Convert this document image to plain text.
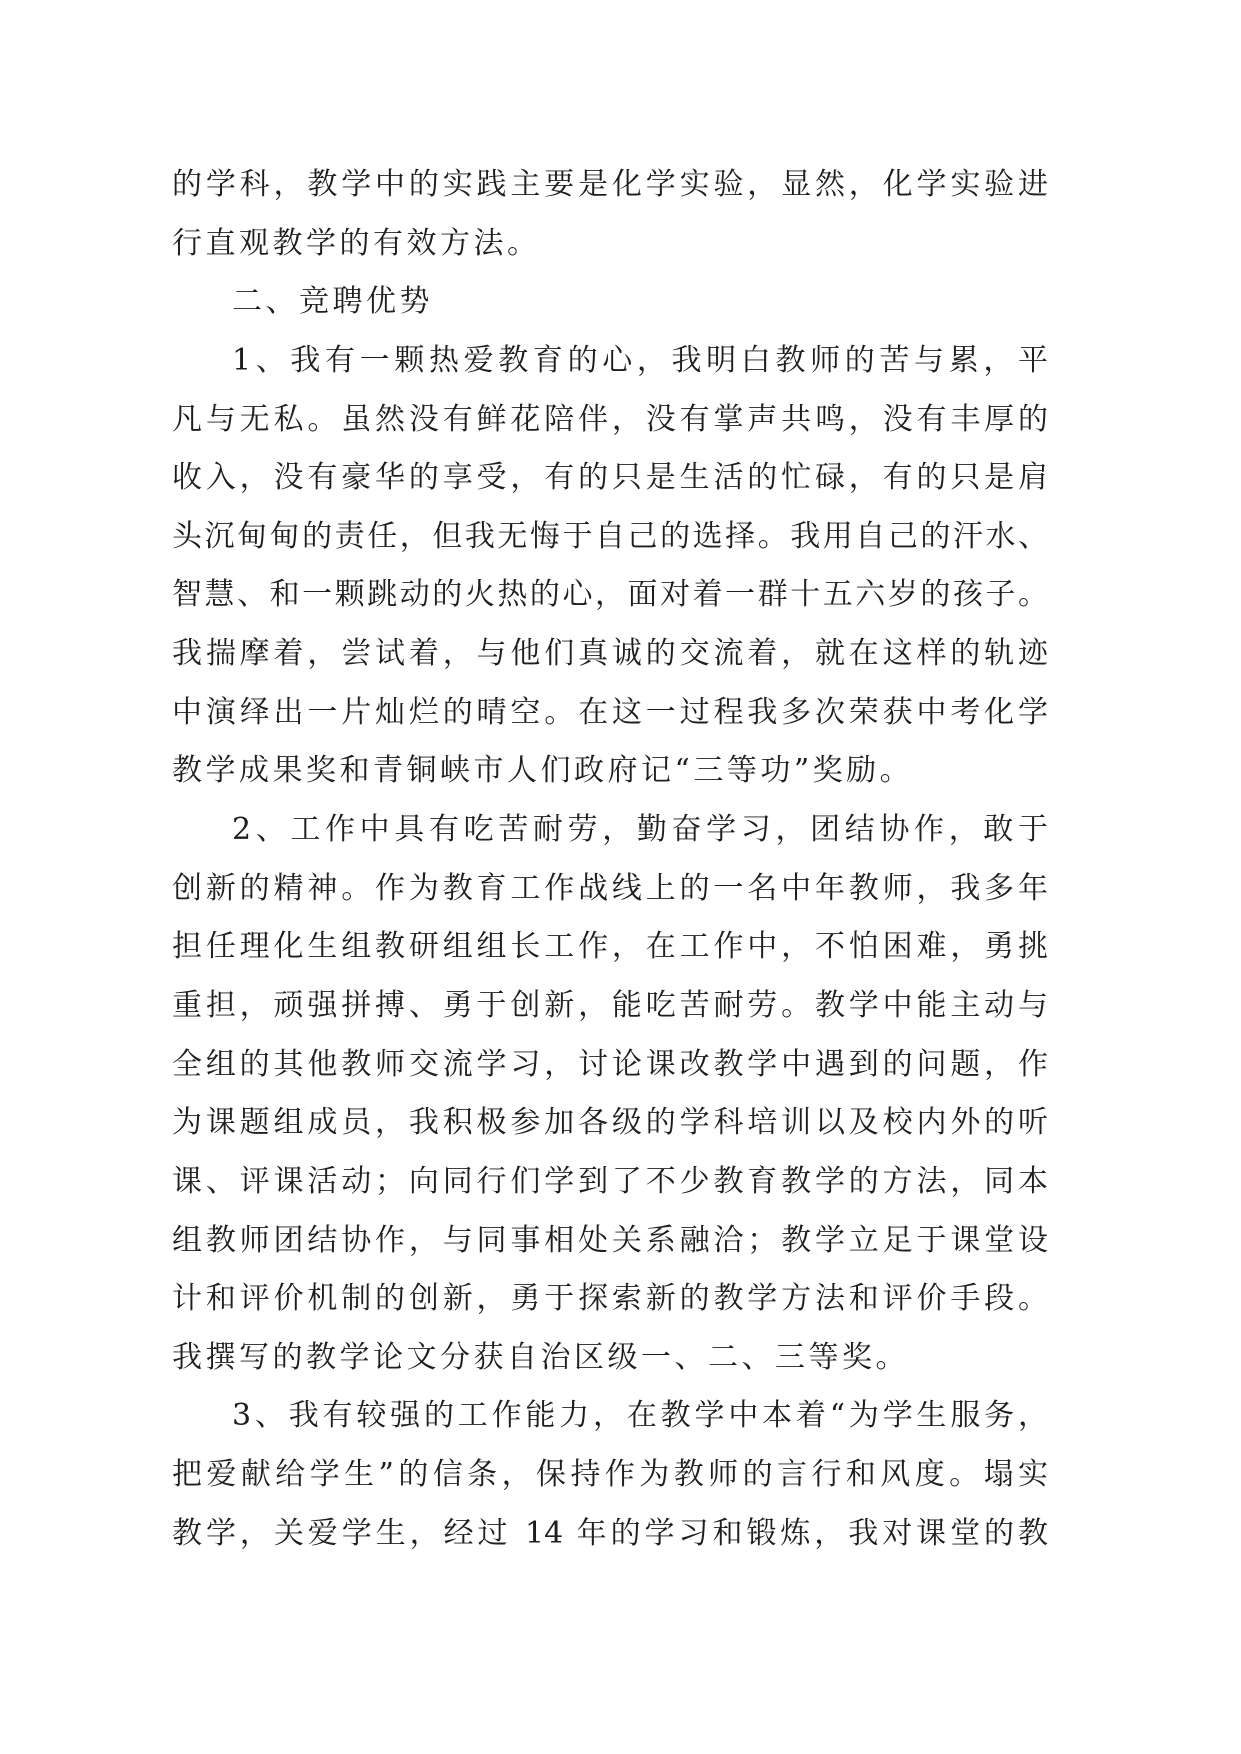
的学科，教学中的实践主要是化学实验，显然，化学实验进
行直观教学的有效方法。
二、竞聘优势
1、我有一颗热爱教育的心，我明白教师的苦与累，平
凡与无私。虽然没有鲜花陪伴，没有掌声共鸣，没有丰厚的
收入，没有豪华的享受，有的只是生活的忙碌，有的只是肩
头沉甸甸的责任，但我无悔于自己的选择。我用自己的汗水、
智慧、和一颗跳动的火热的心，面对着一群十五六岁的孩子。
我揣摩着，尝试着，与他们真诚的交流着，就在这样的轨迹
中演绎出一片灿烂的晴空。在这一过程我多次荣获中考化学
教学成果奖和青铜峡市人们政府记“三等功”奖励。
2、工作中具有吃苦耐劳，勤奋学习，团结协作，敢于
创新的精神。作为教育工作战线上的一名中年教师，我多年
担任理化生组教研组组长工作，在工作中，不怕困难，勇挑
重担，顽强拼搏、勇于创新，能吃苦耐劳。教学中能主动与
全组的其他教师交流学习，讨论课改教学中遇到的问题，作
为课题组成员，我积极参加各级的学科培训以及校内外的听
课、评课活动；向同行们学到了不少教育教学的方法，同本
组教师团结协作，与同事相处关系融洽；教学立足于课堂设
计和评价机制的创新，勇于探索新的教学方法和评价手段。
我撰写的教学论文分获自治区级一、二、三等奖。
3、我有较强的工作能力，在教学中本着“为学生服务，
把爱献给学生”的信条，保持作为教师的言行和风度。塌实
教学，关爱学生，经过 14 年的学习和锻炼，我对课堂的教
